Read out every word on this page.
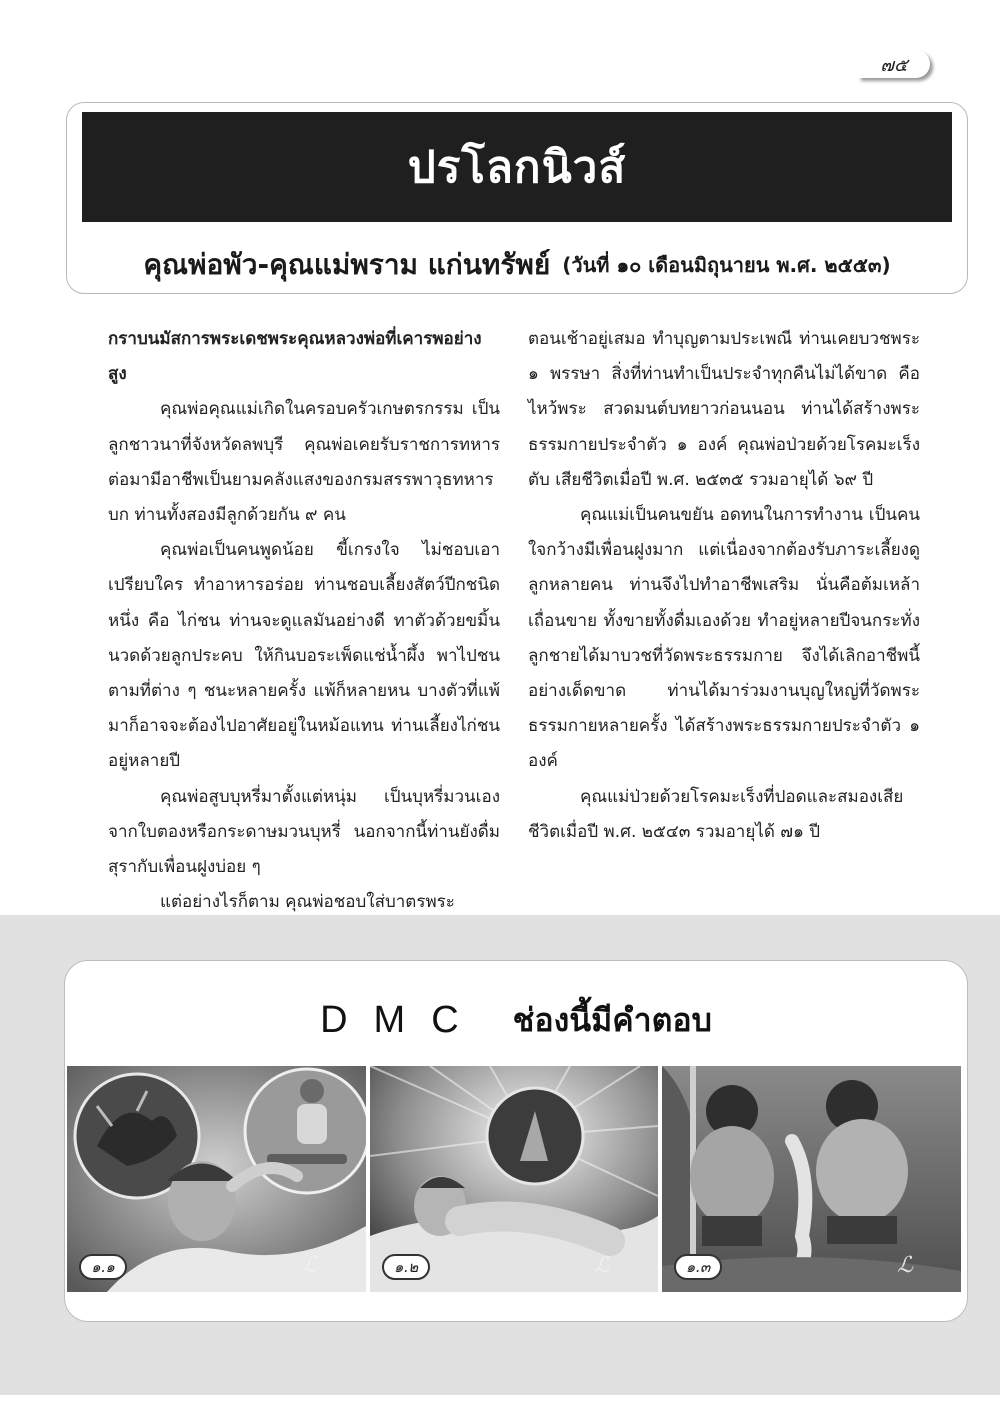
๗๕
ปรโลกนิวส์
คุณพ่อพัว-คุณแม่พราม แก่นทรัพย์ (วันที่ ๑๐ เดือนมิถุนายน พ.ศ. ๒๕๕๓)

กราบนมัสการพระเดชพระคุณหลวงพ่อที่เคารพอย่างสูง

คุณพ่อคุณแม่เกิดในครอบครัวเกษตรกรรม เป็นลูกชาวนาที่จังหวัดลพบุรี คุณพ่อเคยรับราชการทหาร ต่อมามีอาชีพเป็นยามคลังแสงของกรมสรรพาวุธทหารบก ท่านทั้งสองมีลูกด้วยกัน ๙ คน

คุณพ่อเป็นคนพูดน้อย ขี้เกรงใจ ไม่ชอบเอาเปรียบใคร ทำอาหารอร่อย ท่านชอบเลี้ยงสัตว์ปีกชนิดหนึ่ง คือ ไก่ชน ท่านจะดูแลมันอย่างดี ทาตัวด้วยขมิ้น นวดด้วยลูกประคบ ให้กินบอระเพ็ดแช่น้ำผึ้ง พาไปชนตามที่ต่าง ๆ ชนะหลายครั้ง แพ้ก็หลายหน บางตัวที่แพ้มาก็อาจจะต้องไปอาศัยอยู่ในหม้อแทน ท่านเลี้ยงไก่ชนอยู่หลายปี

คุณพ่อสูบบุหรี่มาตั้งแต่หนุ่ม เป็นบุหรี่มวนเองจากใบตองหรือกระดาษมวนบุหรี่ นอกจากนี้ท่านยังดื่มสุรากับเพื่อนฝูงบ่อย ๆ

แต่อย่างไรก็ตาม คุณพ่อชอบใส่บาตรพระ

ตอนเช้าอยู่เสมอ ทำบุญตามประเพณี ท่านเคยบวชพระ ๑ พรรษา สิ่งที่ท่านทำเป็นประจำทุกคืนไม่ได้ขาด คือ ไหว้พระ สวดมนต์บทยาวก่อนนอน ท่านได้สร้างพระธรรมกายประจำตัว ๑ องค์ คุณพ่อป่วยด้วยโรคมะเร็งตับ เสียชีวิตเมื่อปี พ.ศ. ๒๕๓๕ รวมอายุได้ ๖๙ ปี

คุณแม่เป็นคนขยัน อดทนในการทำงาน เป็นคนใจกว้างมีเพื่อนฝูงมาก แต่เนื่องจากต้องรับภาระเลี้ยงดูลูกหลายคน ท่านจึงไปทำอาชีพเสริม นั่นคือต้มเหล้าเถื่อนขาย ทั้งขายทั้งดื่มเองด้วย ทำอยู่หลายปีจนกระทั่งลูกชายได้มาบวชที่วัดพระธรรมกาย จึงได้เลิกอาชีพนี้อย่างเด็ดขาด ท่านได้มาร่วมงานบุญใหญ่ที่วัดพระธรรมกายหลายครั้ง ได้สร้างพระธรรมกายประจำตัว ๑ องค์

คุณแม่ป่วยด้วยโรคมะเร็งที่ปอดและสมองเสียชีวิตเมื่อปี พ.ศ. ๒๕๔๓ รวมอายุได้ ๗๑ ปี

DMC ช่องนี้มีคำตอบ
๑.๑	ℒ	๑.๒	ℒ	๑.๓	ℒ
